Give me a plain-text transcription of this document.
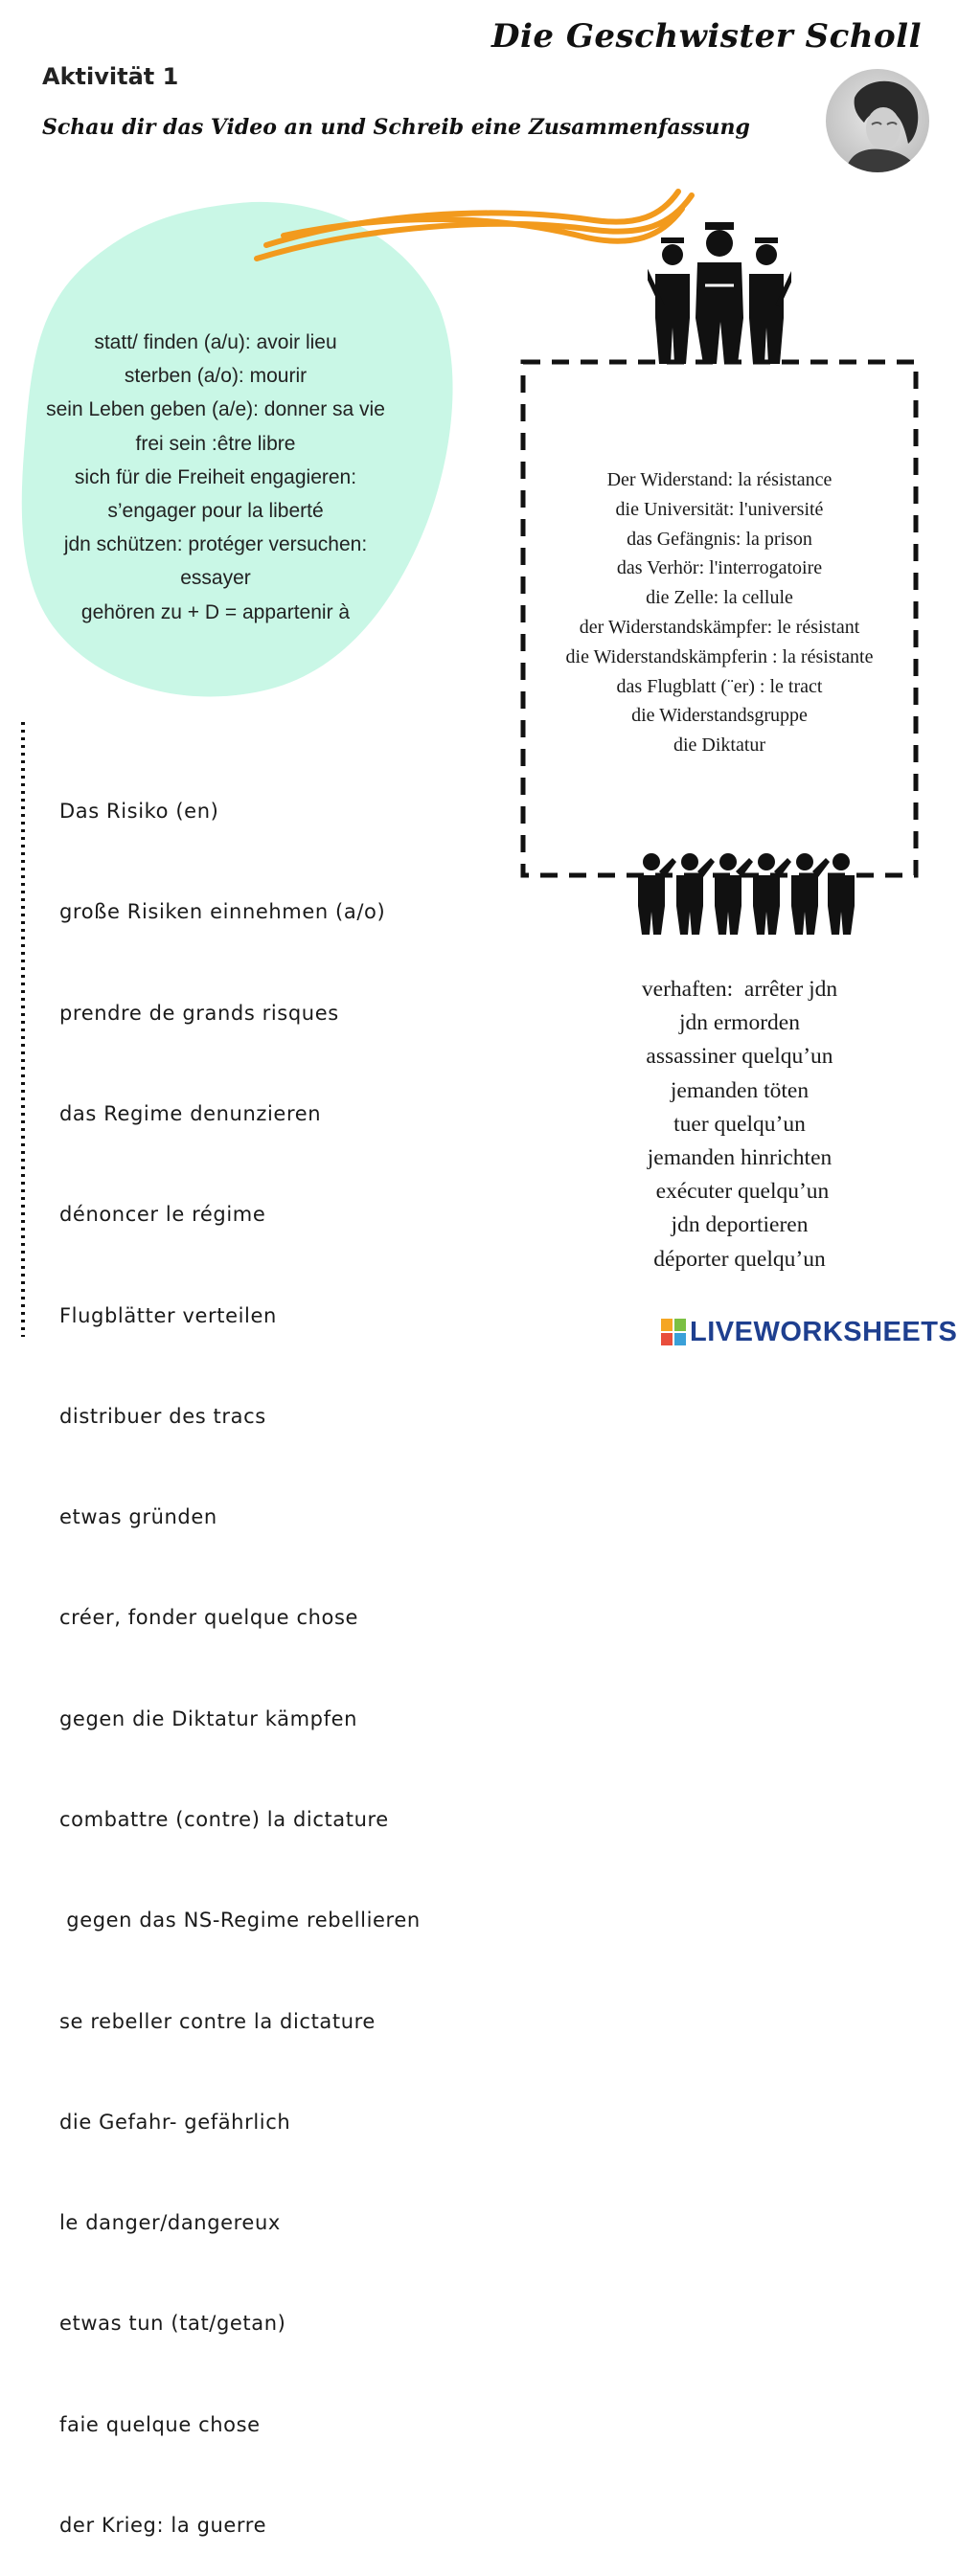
Die Geschwister Scholl
Aktivität 1
Schau dir das Video an und Schreib eine Zusammenfassung
statt/ finden (a/u): avoir lieu
sterben (a/o): mourir
sein Leben geben (a/e): donner sa vie
frei sein :être libre
sich für die Freiheit engagieren:
s’engager pour la liberté
jdn schützen: protéger versuchen:
essayer
gehören zu + D = appartenir à
Der Widerstand: la résistance
die Universität: l'université
das Gefängnis: la prison
das Verhör: l'interrogatoire
die Zelle: la cellule
der Widerstandskämpfer: le résistant
die Widerstandskämpferin : la résistante
das Flugblatt (¨er) : le tract
die Widerstandsgruppe
die Diktatur

Das Risiko (en)

große Risiken einnehmen (a/o)

prendre de grands risques

das Regime denunzieren

dénoncer le régime

Flugblätter verteilen

distribuer des tracs

etwas gründen

créer, fonder quelque chose

gegen die Diktatur kämpfen

combattre (contre) la dictature

gegen das NS-Regime rebellieren

se rebeller contre la dictature

die Gefahr- gefährlich

le danger/dangereux

etwas tun (tat/getan)

faie quelque chose

der Krieg: la guerre

verhaften:  arrêter jdn
jdn ermorden
assassiner quelqu’un
jemanden töten
tuer quelqu’un
jemanden hinrichten
exécuter quelqu’un
jdn deportieren
déporter quelqu’un
LIVEWORKSHEETS
